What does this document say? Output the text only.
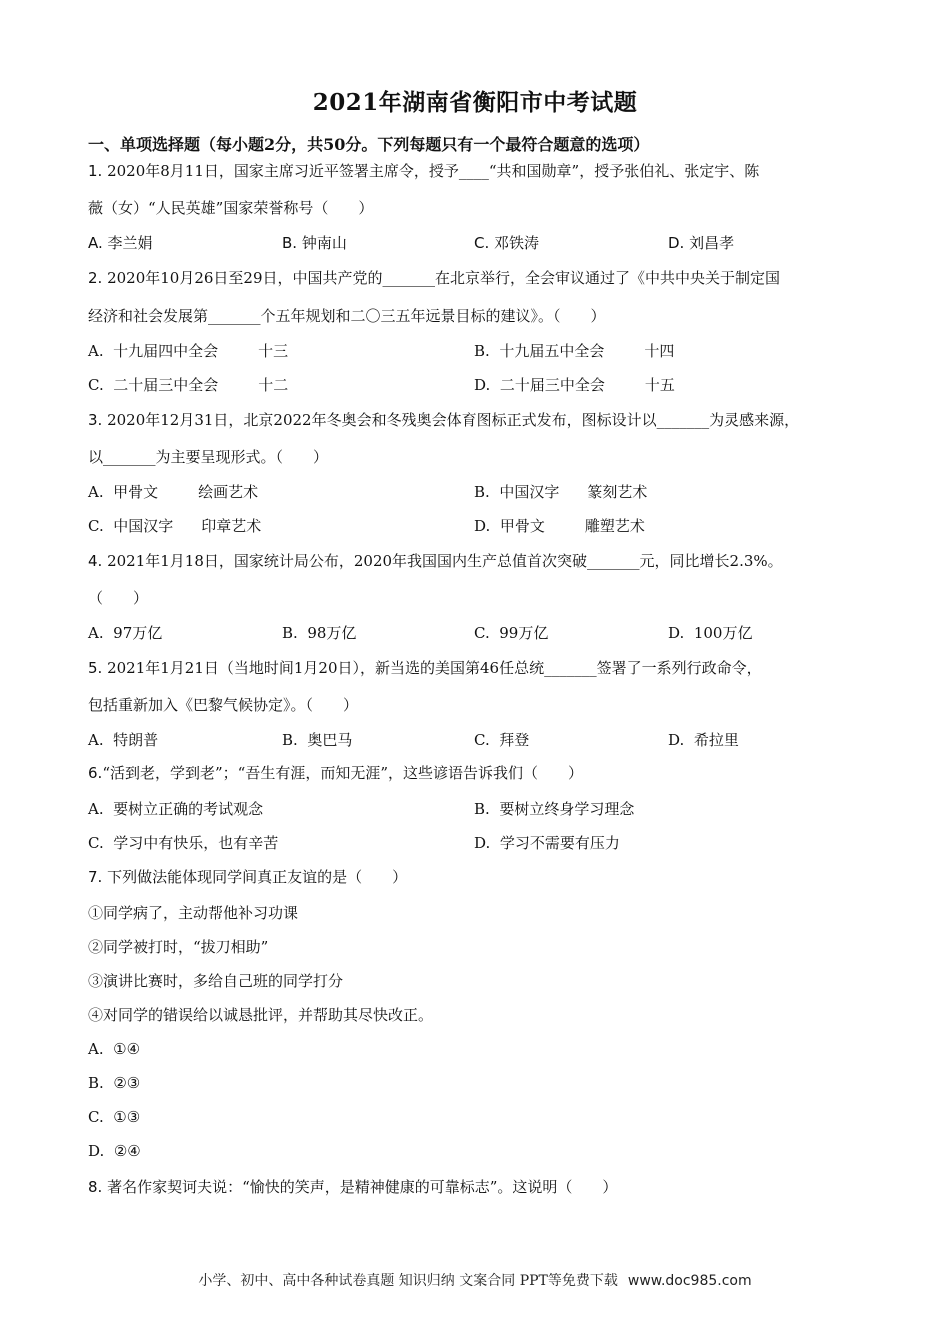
2021年湖南省衡阳市中考试题
一、单项选择题（每小题2分，共50分。下列每题只有一个最符合题意的选项）
1. 2020年8月11日，国家主席习近平签署主席令，授予____“共和国勋章”，授予张伯礼、张定宇、陈
薇（女）“人民英雄”国家荣誉称号（　　）
A. 李兰娟	B. 钟南山	C. 邓铁涛	D. 刘昌孝
2. 2020年10月26日至29日，中国共产党的_______在北京举行，全会审议通过了《中共中央关于制定国
经济和社会发展第_______个五年规划和二〇三五年远景目标的建议》。（　　）
A. 十九届四中全会	十三	B. 十九届五中全会	十四
C. 二十届三中全会	十二	D. 二十届三中全会	十五
3. 2020年12月31日，北京2022年冬奥会和冬残奥会体育图标正式发布，图标设计以_______为灵感来源，
以_______为主要呈现形式。（　　）
A. 甲骨文	绘画艺术	B. 中国汉字 篆刻艺术
C. 中国汉字 印章艺术	D. 甲骨文	雕塑艺术
4. 2021年1月18日，国家统计局公布，2020年我国国内生产总值首次突破_______元，同比增长2.3%。
（　　）
A. 97万亿	B. 98万亿	C. 99万亿	D. 100万亿
5. 2021年1月21日（当地时间1月20日），新当选的美国第46任总统_______签署了一系列行政命令，
包括重新加入《巴黎气候协定》。（　　）
A. 特朗普	B. 奥巴马	C. 拜登	D. 希拉里
6.“活到老，学到老”；“吾生有涯，而知无涯”，这些谚语告诉我们（　　）
A. 要树立正确的考试观念	B. 要树立终身学习理念
C. 学习中有快乐，也有辛苦	D. 学习不需要有压力
7. 下列做法能体现同学间真正友谊的是（　　）
①同学病了，主动帮他补习功课
②同学被打时，“拔刀相助”
③演讲比赛时，多给自己班的同学打分
④对同学的错误给以诚恳批评，并帮助其尽快改正。
A. ①④
B. ②③
C. ①③
D. ②④
8. 著名作家契诃夫说：“愉快的笑声，是精神健康的可靠标志”。这说明（　　）
小学、初中、高中各种试卷真题 知识归纳 文案合同 PPT等免费下载 www.doc985.com
